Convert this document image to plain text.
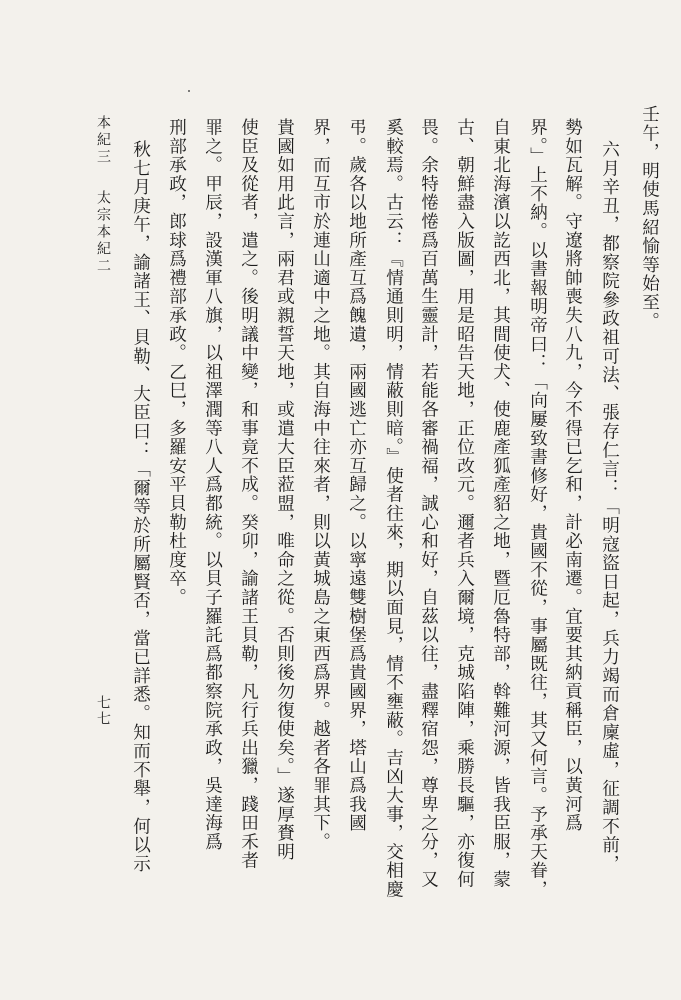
壬午，明使馬紹愉等始至。
六月辛丑，都察院參政祖可法、張存仁言：「明寇盜日起，兵力竭而倉廩虛，征調不前，
勢如瓦解。守遼將帥喪失八九，今不得已乞和，計必南遷。宜要其納貢稱臣，以黃河爲
界。」上不納。以書報明帝曰：「向屢致書修好，貴國不從，事屬既往，其又何言。予承天眷，
自東北海濱以訖西北，其間使犬、使鹿產狐產貂之地，暨厄魯特部，斡難河源，皆我臣服，蒙
古、朝鮮盡入版圖，用是昭告天地，正位改元。邇者兵入爾境，克城陷陣，乘勝長驅，亦復何
畏。余特惓惓爲百萬生靈計，若能各審禍福，誠心和好，自茲以往，盡釋宿怨，尊卑之分，又
奚較焉。古云：『情通則明，情蔽則暗。』使者往來，期以面見，情不壅蔽。吉凶大事，交相慶
弔。歲各以地所產互爲餽遺，兩國逃亡亦互歸之。以寧遠雙樹堡爲貴國界，塔山爲我國
界，而互市於連山適中之地。其自海中往來者，則以黃城島之東西爲界。越者各罪其下。
貴國如用此言，兩君或親誓天地，或遣大臣蒞盟，唯命之從。否則後勿復使矣。」遂厚賚明
使臣及從者，遣之。後明議中變，和事竟不成。癸卯，諭諸王貝勒，凡行兵出獵，踐田禾者
罪之。甲辰，設漢軍八旗，以祖澤潤等八人爲都統。以貝子羅託爲都察院承政，吳達海爲
刑部承政，郎球爲禮部承政。乙巳，多羅安平貝勒杜度卒。
秋七月庚午，諭諸王、貝勒、大臣曰：「爾等於所屬賢否，當已詳悉。知而不舉，何以示
本紀三
太宗本紀二
七七
